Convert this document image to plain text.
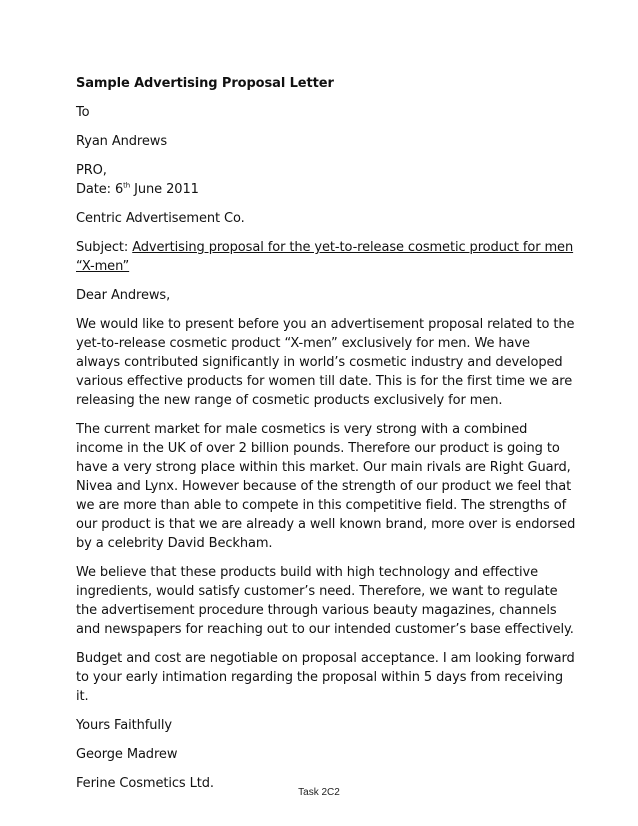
Sample Advertising Proposal Letter

To

Ryan Andrews

PRO,
Date: 6th June 2011

Centric Advertisement Co.

Subject: Advertising proposal for the yet-to-release cosmetic product for men “X-men”

Dear Andrews,

We would like to present before you an advertisement proposal related to the yet-to-release cosmetic product “X-men” exclusively for men. We have always contributed significantly in world’s cosmetic industry and developed various effective products for women till date. This is for the first time we are releasing the new range of cosmetic products exclusively for men.

The current market for male cosmetics is very strong with a combined income in the UK of over 2 billion pounds. Therefore our product is going to have a very strong place within this market. Our main rivals are Right Guard, Nivea and Lynx. However because of the strength of our product we feel that we are more than able to compete in this competitive field. The strengths of our product is that we are already a well known brand, more over is endorsed by a celebrity David Beckham.

We believe that these products build with high technology and effective ingredients, would satisfy customer’s need. Therefore, we want to regulate the advertisement procedure through various beauty magazines, channels and newspapers for reaching out to our intended customer’s base effectively.

Budget and cost are negotiable on proposal acceptance. I am looking forward to your early intimation regarding the proposal within 5 days from receiving it.

Yours Faithfully

George Madrew

Ferine Cosmetics Ltd.

Task 2C2
